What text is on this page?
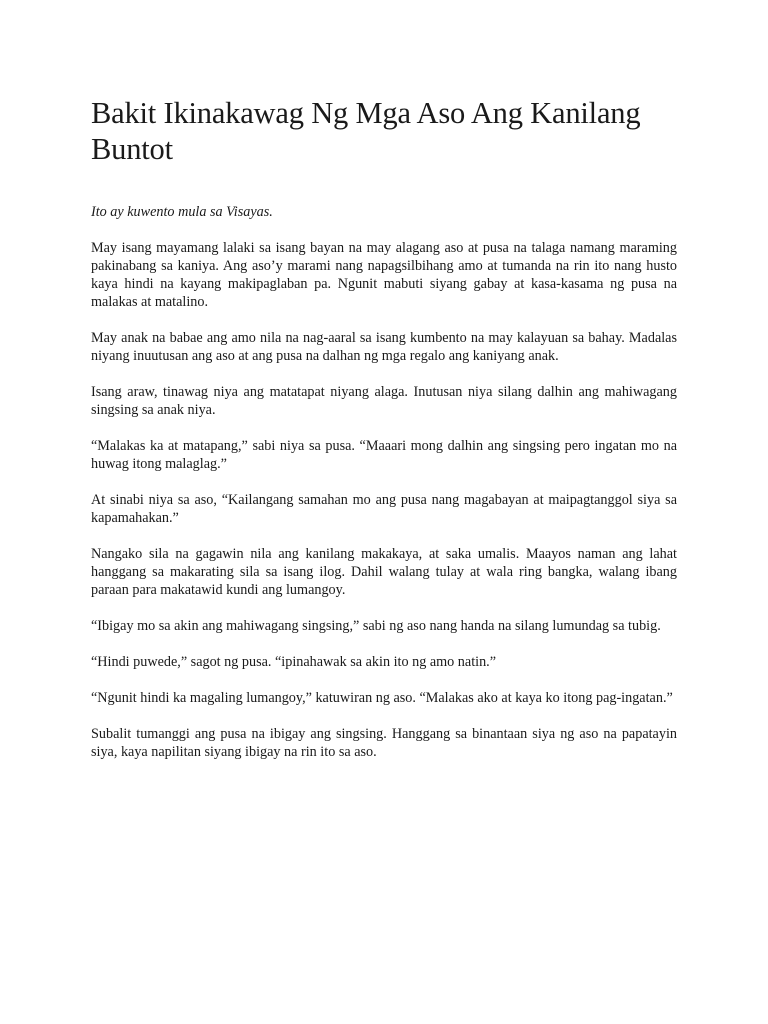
Bakit Ikinakawag Ng Mga Aso Ang Kanilang Buntot

Ito ay kuwento mula sa Visayas.

May isang mayamang lalaki sa isang bayan na may alagang aso at pusa na talaga namang maraming pakinabang sa kaniya. Ang aso’y marami nang napagsilbihang amo at tumanda na rin ito nang husto kaya hindi na kayang makipaglaban pa. Ngunit mabuti siyang gabay at kasa-kasama ng pusa na malakas at matalino.

May anak na babae ang amo nila na nag-aaral sa isang kumbento na may kalayuan sa bahay. Madalas niyang inuutusan ang aso at ang pusa na dalhan ng mga regalo ang kaniyang anak.

Isang araw, tinawag niya ang matatapat niyang alaga. Inutusan niya silang dalhin ang mahiwagang singsing sa anak niya.

“Malakas ka at matapang,” sabi niya sa pusa. “Maaari mong dalhin ang singsing pero ingatan mo na huwag itong malaglag.”

At sinabi niya sa aso, “Kailangang samahan mo ang pusa nang magabayan at maipagtanggol siya sa kapamahakan.”

Nangako sila na gagawin nila ang kanilang makakaya, at saka umalis. Maayos naman ang lahat hanggang sa makarating sila sa isang ilog. Dahil walang tulay at wala ring bangka, walang ibang paraan para makatawid kundi ang lumangoy.

“Ibigay mo sa akin ang mahiwagang singsing,” sabi ng aso nang handa na silang lumundag sa tubig.

“Hindi puwede,” sagot ng pusa. “ipinahawak sa akin ito ng amo natin.”

“Ngunit hindi ka magaling lumangoy,” katuwiran ng aso. “Malakas ako at kaya ko itong pag-ingatan.”

Subalit tumanggi ang pusa na ibigay ang singsing. Hanggang sa binantaan siya ng aso na papatayin siya, kaya napilitan siyang ibigay na rin ito sa aso.
